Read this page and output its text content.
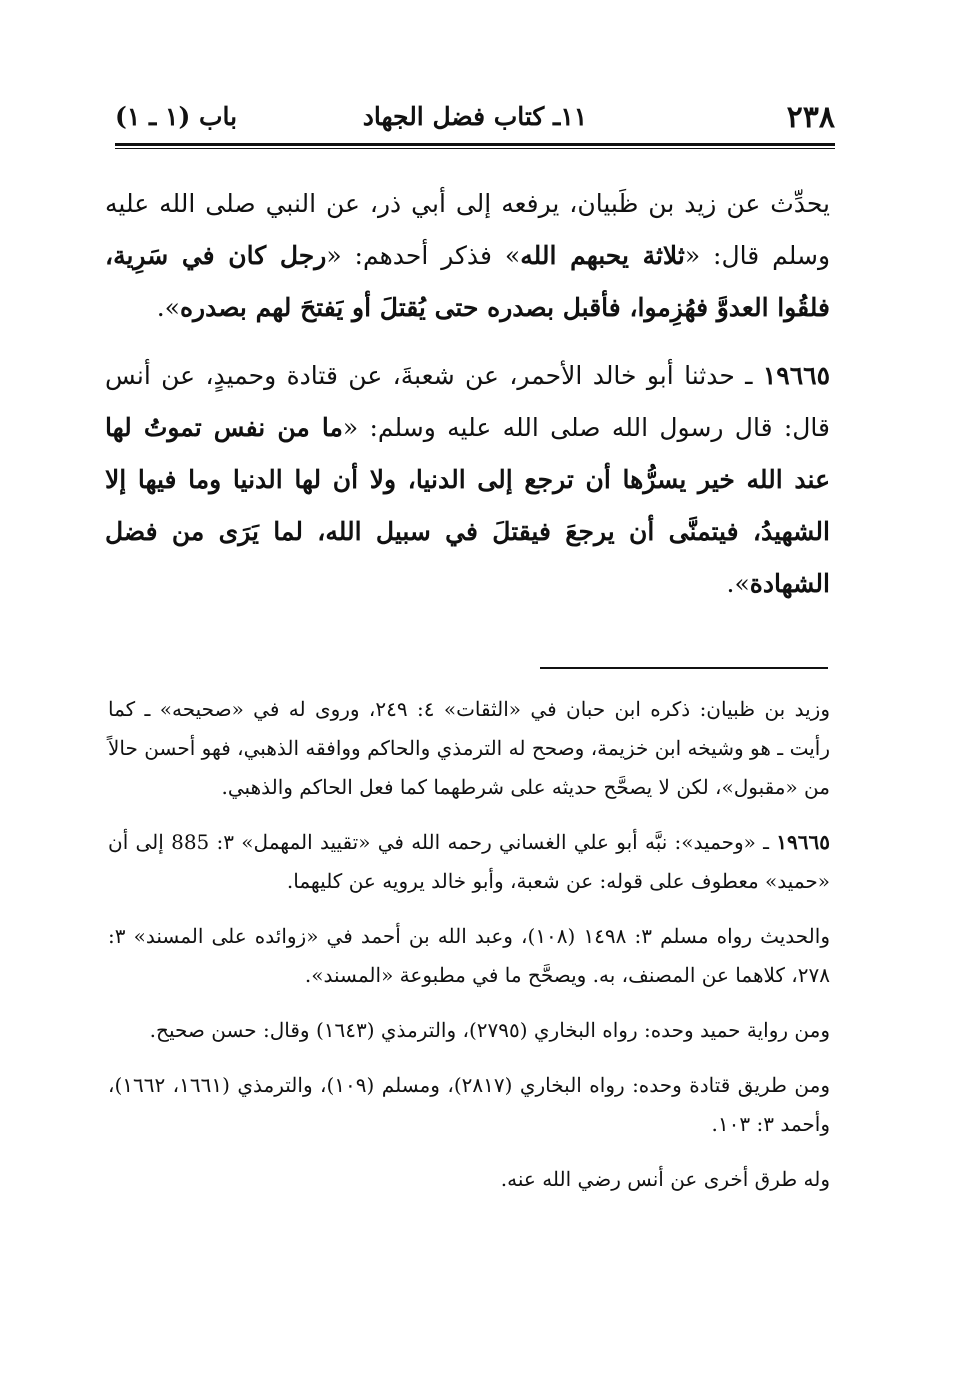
٢٣٨
١١ـ كتاب فضل الجهاد
باب (١ ـ ١)

يحدِّث عن زيد بن ظَبيان، يرفعه إلى أبي ذر، عن النبي صلى الله عليه وسلم قال: «ثلاثة يحبهم الله» فذكر أحدهم: «رجل كان في سَرِية، فلقُوا العدوَّ فهُزِموا، فأقبل بصدره حتى يُقتلَ أو يَفتحَ لهم بصدره».

١٩٦٦٥ ـ حدثنا أبو خالد الأحمر، عن شعبةَ، عن قتادة وحميدٍ، عن أنس قال: قال رسول الله صلى الله عليه وسلم: «ما من نفس تموتُ لها عند الله خير يسرُّها أن ترجع إلى الدنيا، ولا أن لها الدنيا وما فيها إلا الشهيدُ، فيتمنَّى أن يرجعَ فيقتلَ في سبيل الله، لما يَرَى من فضل الشهادة».

وزيد بن ظبيان: ذكره ابن حبان في «الثقات» ٤: ٢٤٩، وروى له في «صحيحه» ـ كما رأيت ـ هو وشيخه ابن خزيمة، وصحح له الترمذي والحاكم ووافقه الذهبي، فهو أحسن حالاً من «مقبول»، لكن لا يصحَّح حديثه على شرطهما كما فعل الحاكم والذهبي.

١٩٦٦٥ ـ «وحميد»: نبَّه أبو علي الغساني رحمه الله في «تقييد المهمل» ٣: 885 إلى أن «حميد» معطوف على قوله: عن شعبة، وأبو خالد يرويه عن كليهما.

والحديث رواه مسلم ٣: ١٤٩٨ (١٠٨)، وعبد الله بن أحمد في «زوائده على المسند» ٣: ٢٧٨، كلاهما عن المصنف، به. ويصحَّح ما في مطبوعة «المسند».

ومن رواية حميد وحده: رواه البخاري (٢٧٩٥)، والترمذي (١٦٤٣) وقال: حسن صحيح.

ومن طريق قتادة وحده: رواه البخاري (٢٨١٧)، ومسلم (١٠٩)، والترمذي (١٦٦١، ١٦٦٢)، وأحمد ٣: ١٠٣.

وله طرق أخرى عن أنس رضي الله عنه.
